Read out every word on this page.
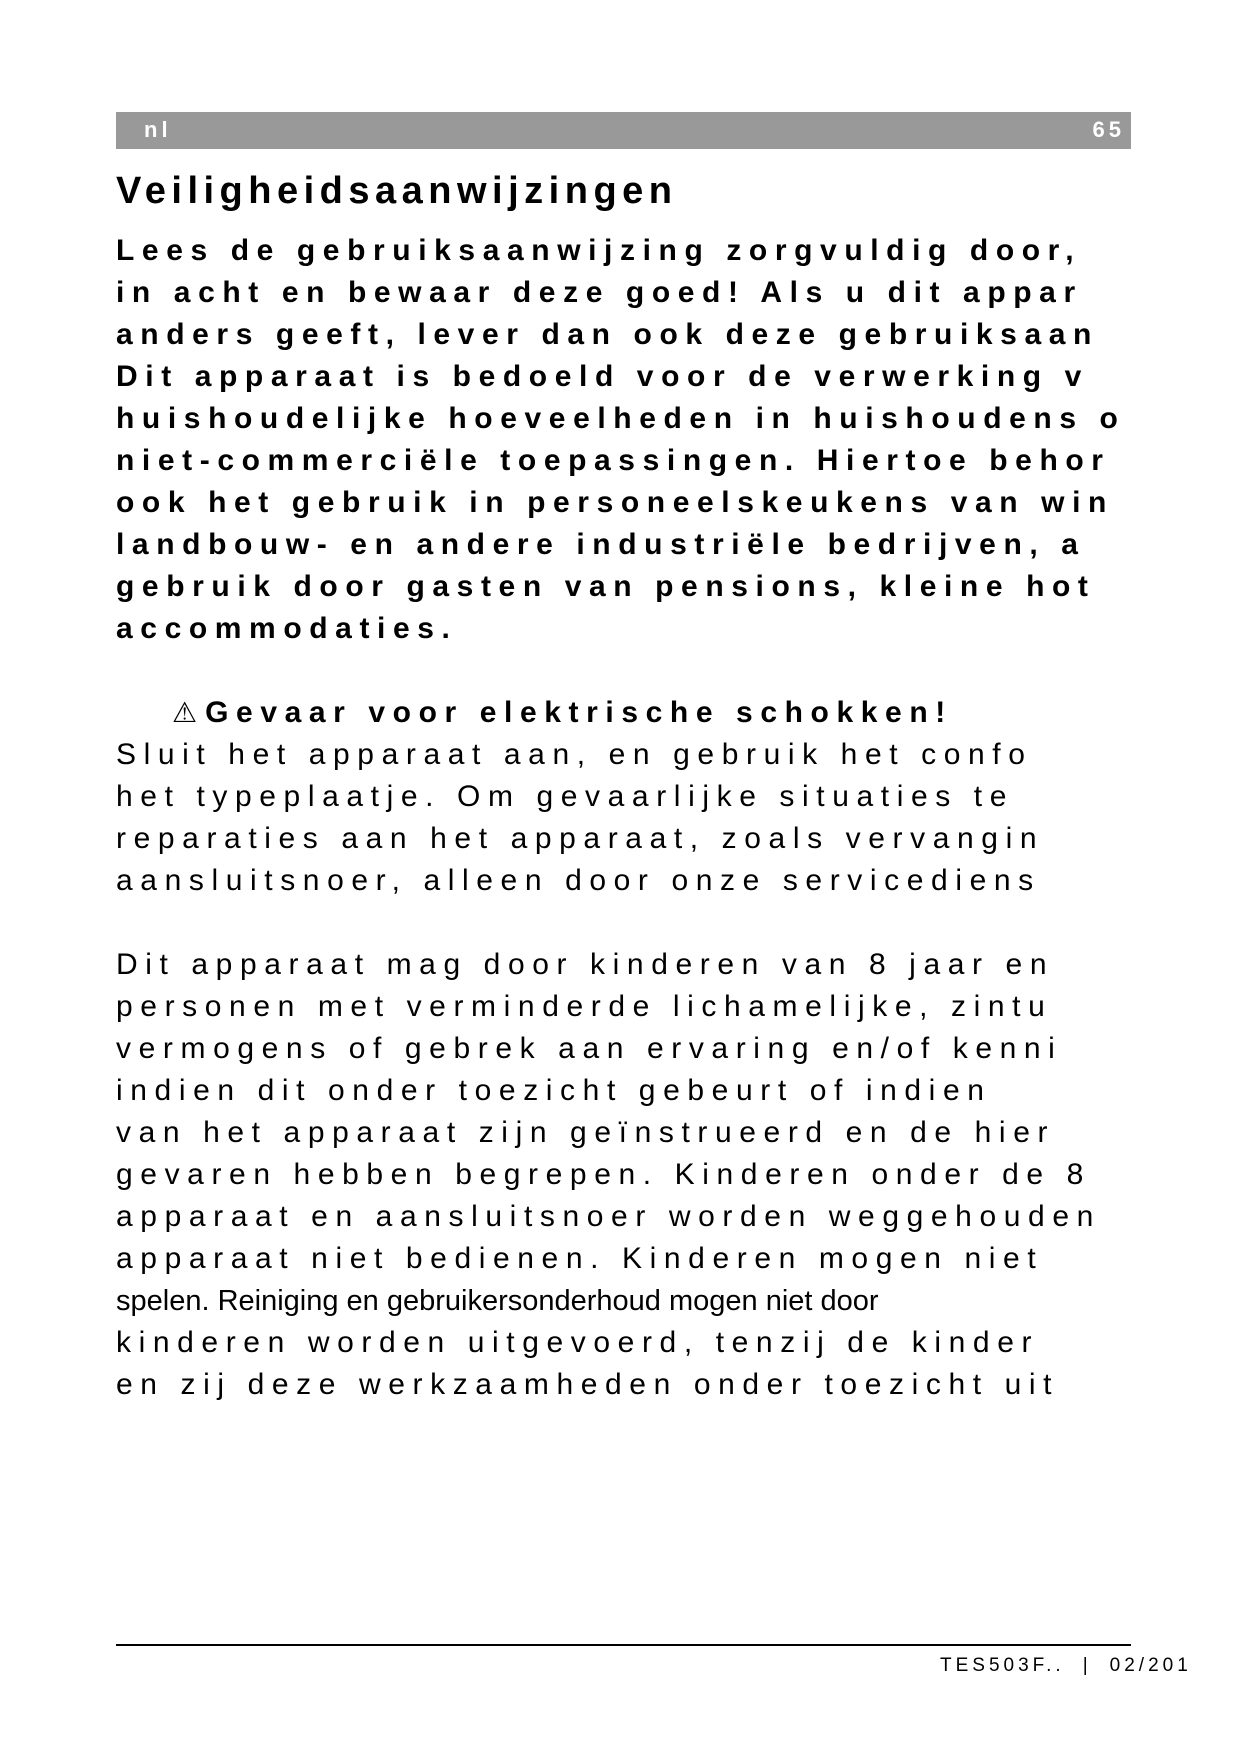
nl	65
Veiligheidsaanwijzingen
Lees de gebruiksaanwijzing zorgvuldig door,
in acht en bewaar deze goed! Als u dit appar
anders geeft, lever dan ook deze gebruiksaan
Dit apparaat is bedoeld voor de verwerking v
huishoudelijke hoeveelheden in huishoudens o
niet-commerciële toepassingen. Hiertoe behor
ook het gebruik in personeelskeukens van win
landbouw- en andere industriële bedrijven, a
gebruik door gasten van pensions, kleine hot
accommodaties.
⚠ Gevaar voor elektrische schokken!
Sluit het apparaat aan, en gebruik het confo
het typeplaatje. Om gevaarlijke situaties te
reparaties aan het apparaat, zoals vervangin
aansluitsnoer, alleen door onze servicediens
Dit apparaat mag door kinderen van 8 jaar en
personen met verminderde lichamelijke, zintu
vermogens of gebrek aan ervaring en/of kenni
indien dit onder toezicht gebeurt of indien
van het apparaat zijn geïnstrueerd en de hier
gevaren hebben begrepen. Kinderen onder de 8
apparaat en aansluitsnoer worden weggehouden
apparaat niet bedienen. Kinderen mogen niet
spelen. Reiniging en gebruikersonderhoud mogen niet door
kinderen worden uitgevoerd, tenzij de kinder
en zij deze werkzaamheden onder toezicht uit
TES503F.. | 02/201
